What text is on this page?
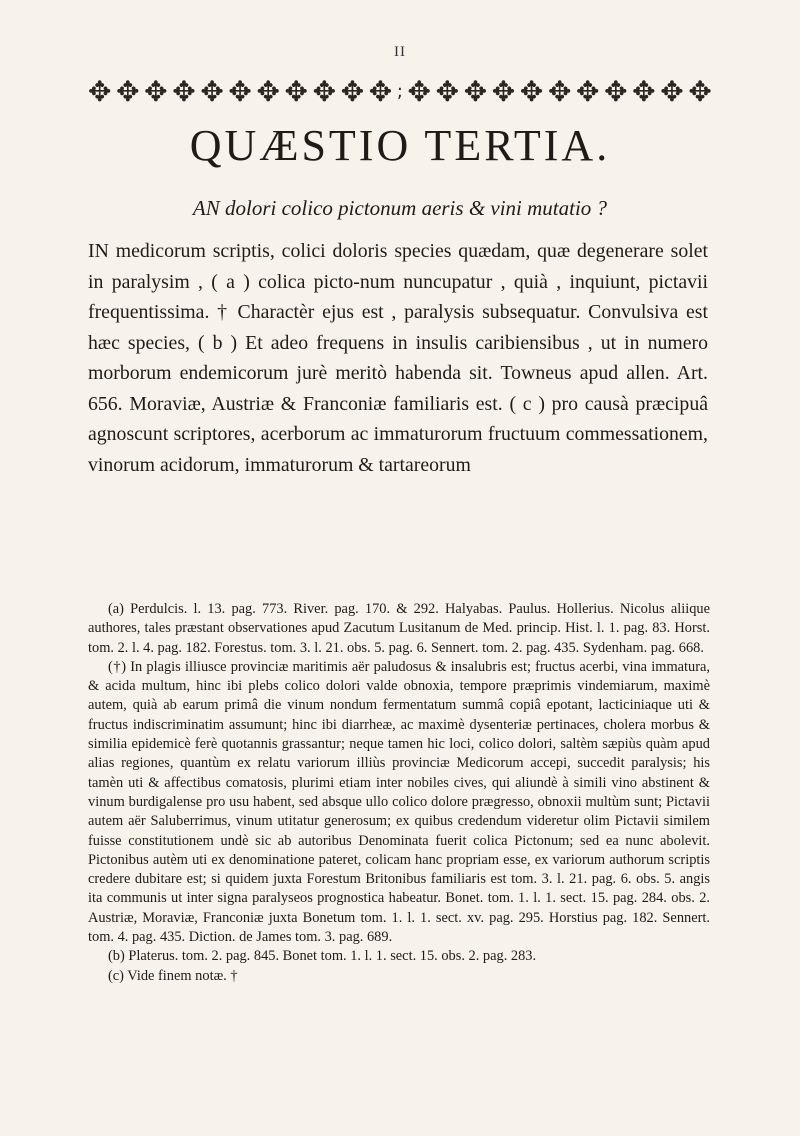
II
✥ ✥ ✥ ✥ ✥ ✥ ✥ ✥ ✥ ✥ ✥ ; ✥ ✥ ✥ ✥ ✥ ✥ ✥ ✥ ✥ ✥ ✥
QUÆSTIO TERTIA.
AN dolori colico pictonum aeris & vini mutatio ?
IN medicorum scriptis, colici doloris species quædam, quæ degenerare solet in paralysim , ( a ) colica picto-num nuncupatur , quià , inquiunt, pictavii frequentissima. † Charactèr ejus est , paralysis subsequatur. Convulsiva est hæc species, ( b ) Et adeo frequens in insulis caribiensibus , ut in numero morborum endemicorum jurè meritò habenda sit. Towneus apud allen. Art. 656. Moraviæ, Austriæ & Franconiæ familiaris est. ( c ) pro causà præcipuâ agnoscunt scriptores, acerborum ac immaturorum fructuum commessationem, vinorum acidorum, immaturorum & tartareorum

(a) Perdulcis. l. 13. pag. 773. River. pag. 170. & 292. Halyabas. Paulus. Hollerius. Nicolus aliique authores, tales præstant observationes apud Zacutum Lusitanum de Med. princip. Hist. l. 1. pag. 83. Horst. tom. 2. l. 4. pag. 182. Forestus. tom. 3. l. 21. obs. 5. pag. 6. Sennert. tom. 2. pag. 435. Sydenham. pag. 668.

(†) In plagis illiusce provinciæ maritimis aër paludosus & insalubris est; fructus acerbi, vina immatura, & acida multum, hinc ibi plebs colico dolori valde obnoxia, tempore præprimis vindemiarum, maximè autem, quià ab earum primâ die vinum nondum fermentatum summâ copiâ epotant, lacticiniaque uti & fructus indiscriminatim assumunt; hinc ibi diarrheæ, ac maximè dysenteriæ pertinaces, cholera morbus & similia epidemicè ferè quotannis grassantur; neque tamen hic loci, colico dolori, saltèm sæpiùs quàm apud alias regiones, quantùm ex relatu variorum illiùs provinciæ Medicorum accepi, succedit paralysis; his tamèn uti & affectibus comatosis, plurimi etiam inter nobiles cives, qui aliundè à simili vino abstinent & vinum burdigalense pro usu habent, sed absque ullo colico dolore prægresso, obnoxii multùm sunt; Pictavii autem aër Saluberrimus, vinum utitatur generosum; ex quibus credendum videretur olim Pictavii similem fuisse constitutionem undè sic ab autoribus Denominata fuerit colica Pictonum; sed ea nunc abolevit. Pictonibus autèm uti ex denominatione pateret, colicam hanc propriam esse, ex variorum authorum scriptis credere dubitare est; si quidem juxta Forestum Britonibus familiaris est tom. 3. l. 21. pag. 6. obs. 5. angis ita communis ut inter signa paralyseos prognostica habeatur. Bonet. tom. 1. l. 1. sect. 15. pag. 284. obs. 2. Austriæ, Moraviæ, Franconiæ juxta Bonetum tom. 1. l. 1. sect. xv. pag. 295. Horstius pag. 182. Sennert. tom. 4. pag. 435. Diction. de James tom. 3. pag. 689.

(b) Platerus. tom. 2. pag. 845. Bonet tom. 1. l. 1. sect. 15. obs. 2. pag. 283.

(c) Vide finem notæ. †
